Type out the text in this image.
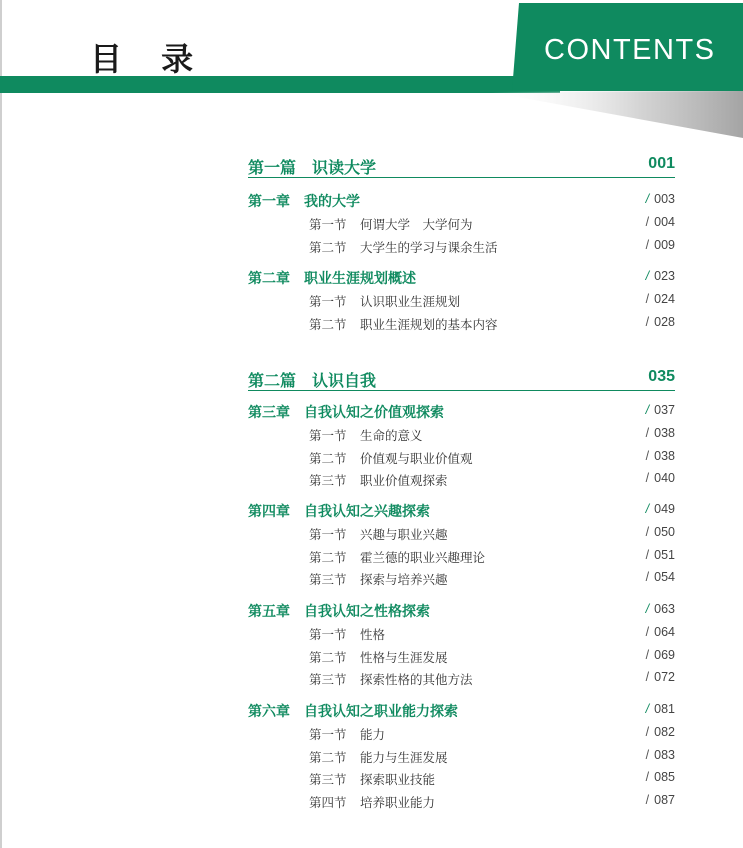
目 录	CONTENTS
第一篇　识读大学	001
第一章　我的大学	/ 003
第一节 何谓大学　大学何为	/ 004
第二节 大学生的学习与课余生活	/ 009
第二章　职业生涯规划概述	/ 023
第一节 认识职业生涯规划	/ 024
第二节 职业生涯规划的基本内容	/ 028
第二篇　认识自我	035
第三章　自我认知之价值观探索	/ 037
第一节 生命的意义	/ 038
第二节 价值观与职业价值观	/ 038
第三节 职业价值观探索	/ 040
第四章　自我认知之兴趣探索	/ 049
第一节 兴趣与职业兴趣	/ 050
第二节 霍兰德的职业兴趣理论	/ 051
第三节 探索与培养兴趣	/ 054
第五章　自我认知之性格探索	/ 063
第一节 性格	/ 064
第二节 性格与生涯发展	/ 069
第三节 探索性格的其他方法	/ 072
第六章　自我认知之职业能力探索	/ 081
第一节 能力	/ 082
第二节 能力与生涯发展	/ 083
第三节 探索职业技能	/ 085
第四节 培养职业能力	/ 087
